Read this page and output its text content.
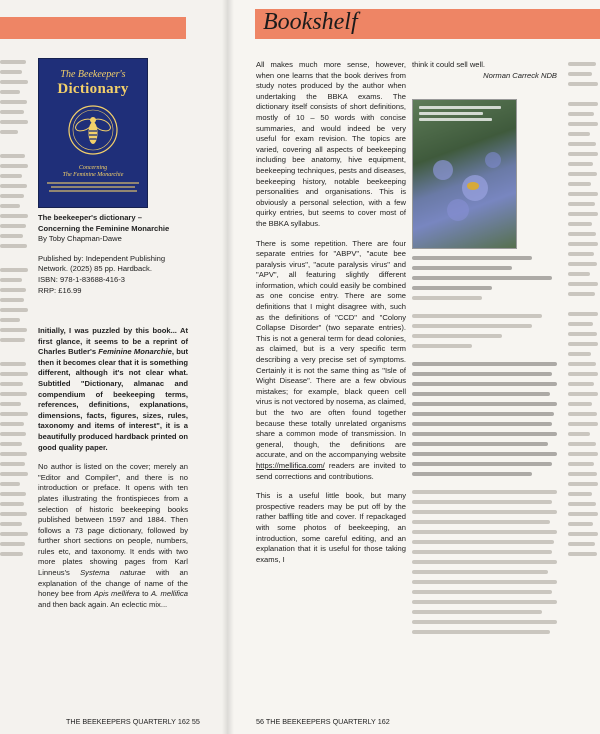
The Beekeeper's
Dictionary
Concerning
The Feminine Monarchie
The beekeeper's dictionary –
Concerning the Feminine Monarchie
By Toby Chapman-Dawe
Published by: Independent Publishing
Network. (2025) 85 pp. Hardback.
ISBN: 978-1-83688-416-3
RRP: £16.99

Initially, I was puzzled by this book... At first glance, it seems to be a reprint of Charles Butler's Feminine Monarchie, but then it becomes clear that it is something different, although it's not clear what. Subtitled "Dictionary, almanac and compendium of beekeeping terms, references, definitions, explanations, dimensions, facts, figures, sizes, rules, taxonomy and items of interest", it is a beautifully produced hardback printed on good quality paper.

No author is listed on the cover; merely an "Editor and Compiler", and there is no introduction or preface. It opens with ten plates illustrating the frontispieces from a selection of historic beekeeping books published between 1597 and 1884. Then follows a 73 page dictionary, followed by further short sections on people, numbers, rules etc, and taxonomy. It ends with two more plates showing pages from Karl Linneus's Systema naturae with an explanation of the change of name of the honey bee from Apis mellifera to A. mellifica and then back again. An eclectic mix...

THE BEEKEEPERS QUARTERLY 162 55
Bookshelf

All makes much more sense, however, when one learns that the book derives from study notes produced by the author when undertaking the BBKA exams. The dictionary itself consists of short definitions, mostly of 10 – 50 words with concise summaries, and would indeed be very useful for exam revision. The topics are varied, covering all aspects of beekeeping including bee anatomy, hive equipment, beekeeping techniques, pests and diseases, beekeeping history, notable beekeeping personalities and organisations. This is obviously a personal selection, with a few quirky entries, but seems to cover most of the BBKA syllabus.

There is some repetition. There are four separate entries for "ABPV", "acute bee paralysis virus", "acute paralysis virus" and "APV", all featuring slightly different information, which could easily be combined as one concise entry. There are some definitions that I might disagree with, such as the definitions of "CCD" and "Colony Collapse Disorder" (two separate entries). This is not a general term for dead colonies, as claimed, but is a very specific term describing a very precise set of symptoms. Certainly it is not the same thing as "Isle of Wight Disease". There are a few obvious mistakes; for example, black queen cell virus is not vectored by nosema, as claimed, but the two are often found together because these totally unrelated organisms share a common mode of transmission. In general, though, the definitions are accurate, and on the accompanying website https://mellifica.com/ readers are invited to send corrections and contributions.

This is a useful little book, but many prospective readers may be put off by the rather baffling title and cover. If repackaged with some photos of beekeeping, an introduction, some careful editing, and an explanation that it is useful for those taking exams, I

think it could sell well.
Norman Carreck NDB
56 THE BEEKEEPERS QUARTERLY 162
